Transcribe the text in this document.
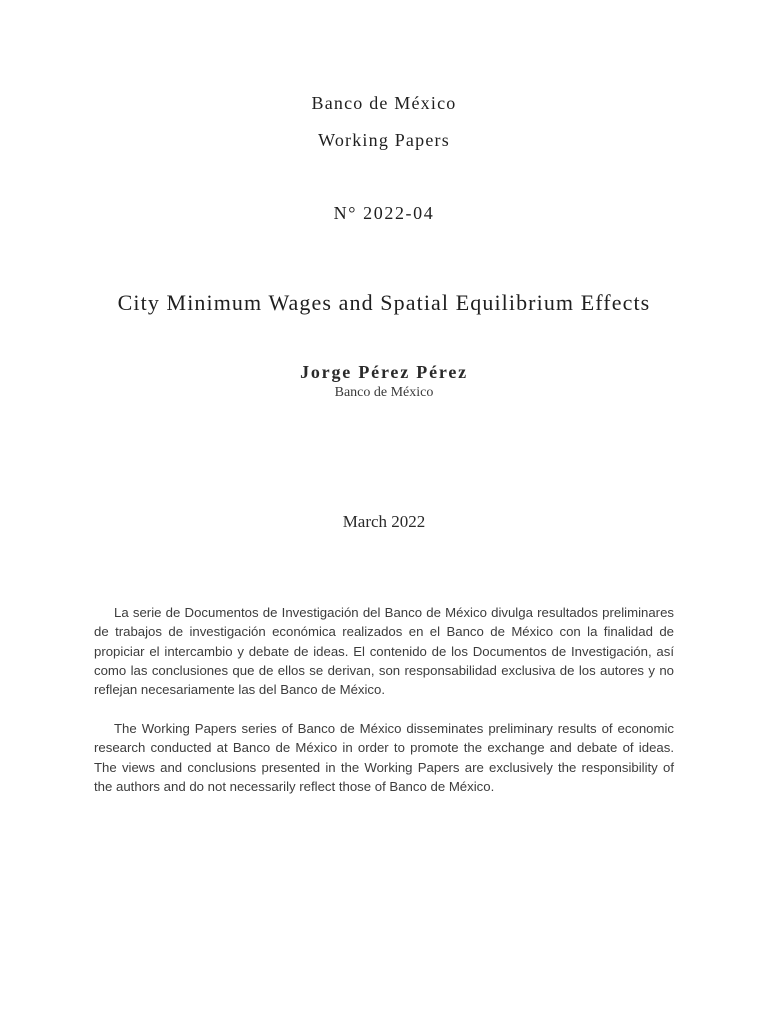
Banco de México
Working Papers
N° 2022-04
City Minimum Wages and Spatial Equilibrium Effects
Jorge Pérez Pérez
Banco de México
March 2022

La serie de Documentos de Investigación del Banco de México divulga resultados preliminares de trabajos de investigación económica realizados en el Banco de México con la finalidad de propiciar el intercambio y debate de ideas. El contenido de los Documentos de Investigación, así como las conclusiones que de ellos se derivan, son responsabilidad exclusiva de los autores y no reflejan necesariamente las del Banco de México.

The Working Papers series of Banco de México disseminates preliminary results of economic research conducted at Banco de México in order to promote the exchange and debate of ideas. The views and conclusions presented in the Working Papers are exclusively the responsibility of the authors and do not necessarily reflect those of Banco de México.
